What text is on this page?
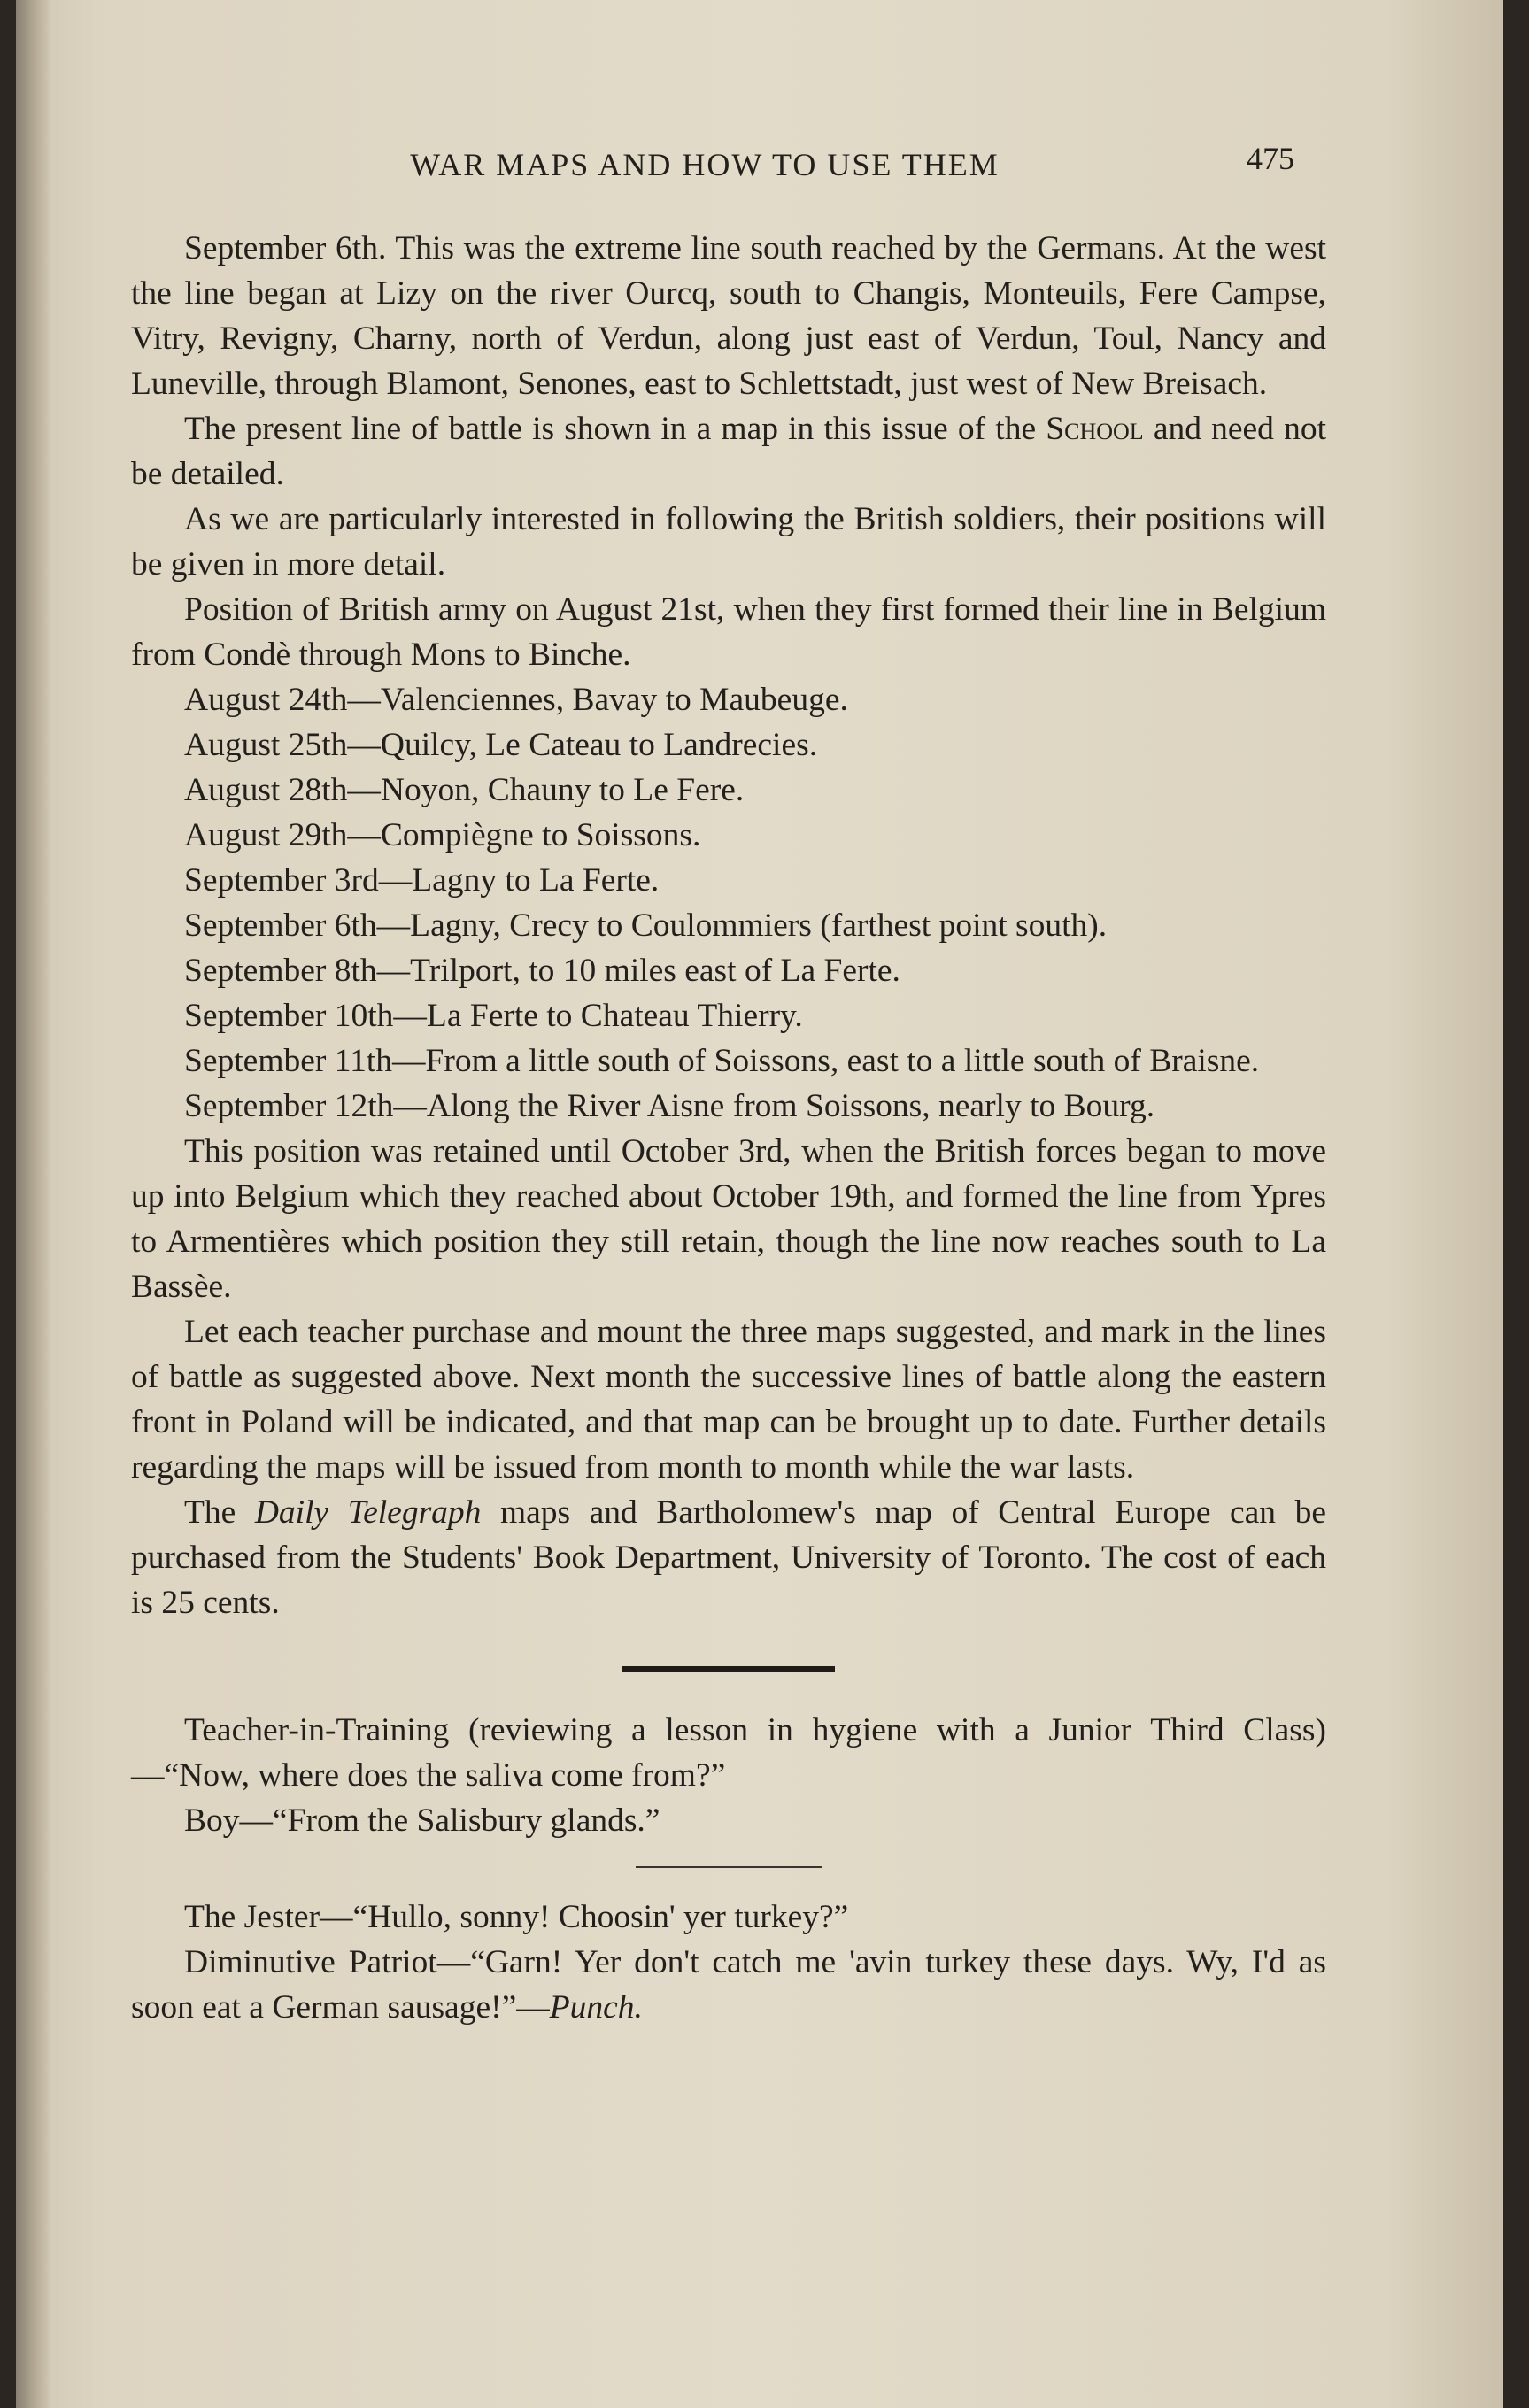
WAR MAPS AND HOW TO USE THEM	475

September 6th. This was the extreme line south reached by the Germans. At the west the line began at Lizy on the river Ourcq, south to Changis, Monteuils, Fere Campse, Vitry, Revigny, Charny, north of Verdun, along just east of Verdun, Toul, Nancy and Luneville, through Blamont, Senones, east to Schlettstadt, just west of New Breisach.

The present line of battle is shown in a map in this issue of the School and need not be detailed.

As we are particularly interested in following the British soldiers, their positions will be given in more detail.

Position of British army on August 21st, when they first formed their line in Belgium from Condè through Mons to Binche.

August 24th—Valenciennes, Bavay to Maubeuge.

August 25th—Quilcy, Le Cateau to Landrecies.

August 28th—Noyon, Chauny to Le Fere.

August 29th—Compiègne to Soissons.

September 3rd—Lagny to La Ferte.

September 6th—Lagny, Crecy to Coulommiers (farthest point south).

September 8th—Trilport, to 10 miles east of La Ferte.

September 10th—La Ferte to Chateau Thierry.

September 11th—From a little south of Soissons, east to a little south of Braisne.

September 12th—Along the River Aisne from Soissons, nearly to Bourg.

This position was retained until October 3rd, when the British forces began to move up into Belgium which they reached about October 19th, and formed the line from Ypres to Armentières which position they still retain, though the line now reaches south to La Bassèe.

Let each teacher purchase and mount the three maps suggested, and mark in the lines of battle as suggested above. Next month the successive lines of battle along the eastern front in Poland will be indicated, and that map can be brought up to date. Further details regarding the maps will be issued from month to month while the war lasts.

The Daily Telegraph maps and Bartholomew's map of Central Europe can be purchased from the Students' Book Department, University of Toronto. The cost of each is 25 cents.

Teacher-in-Training (reviewing a lesson in hygiene with a Junior Third Class)—“Now, where does the saliva come from?”

Boy—“From the Salisbury glands.”

The Jester—“Hullo, sonny! Choosin' yer turkey?”

Diminutive Patriot—“Garn! Yer don't catch me 'avin turkey these days. Wy, I'd as soon eat a German sausage!”—Punch.
